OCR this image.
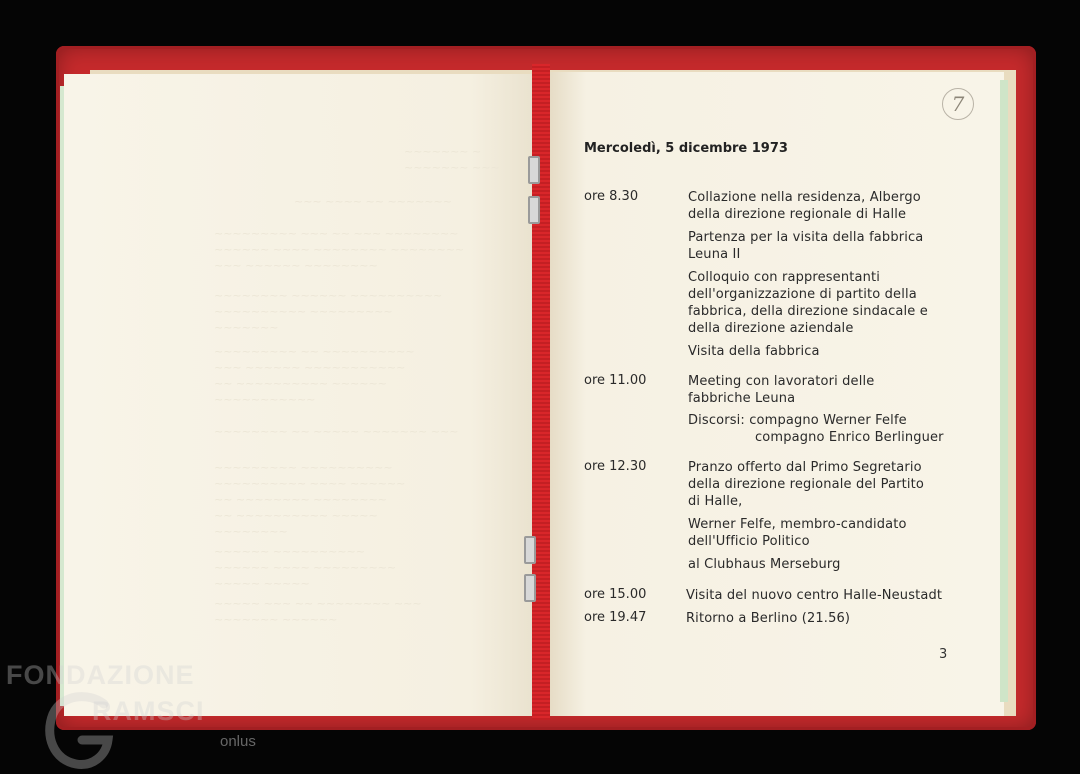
~~~~~~~ ~ ~~~~~~~ ~~~
~~~ ~~~~ ~~ ~~~~~~~
~~~~~~~~~ ~~~ ~~ ~~~ ~~~~~~~~
~~~~~~ ~~~~ ~~~~~~~~ ~~~~~~~~
~~~ ~~~~~~ ~~~~~~~~
~~~~~~~~ ~~~~~~ ~~~~~~~~~~
~~~~~~~~~~ ~~~~~~~~~
~~~~~~~
~~~~~~~~~ ~~ ~~~~~~~~~~
~~~ ~~~~~~ ~~~~~~~~~~~
~~ ~~~~~~~~~~ ~~~~~~
~~~~~~~~~~~
~~~~~~~~ ~~ ~~~~~ ~~~~~~~ ~~~
~~~~~~~~~ ~~~~~~~~~~
~~~~~~~~~~ ~~~~ ~~~~~~
~~ ~~~~~~~~ ~~~~~~~~
~~ ~~~~~~~~~~ ~~~~~
~~~~~~~~
~~~~~~ ~~~~~~~~~~
~~~~~~ ~~~~ ~~~~~~~~~
~~~~~ ~~~~~
~~~~~ ~~~ ~~ ~~~~~~~~ ~~~
~~~~~~~ ~~~~~~
7
Mercoledì, 5 dicembre 1973
ore 8.30	Collazione nella residenza, Albergo
della direzione regionale di Halle
Partenza per la visita della fabbrica
Leuna II
Colloquio con rappresentanti
dell'organizzazione di partito della
fabbrica, della direzione sindacale e
della direzione aziendale
Visita della fabbrica
ore 11.00	Meeting con lavoratori delle
fabbriche Leuna
Discorsi: compagno Werner Felfe
compagno Enrico Berlinguer
ore 12.30	Pranzo offerto dal Primo Segretario
della direzione regionale del Partito
di Halle,
Werner Felfe, membro-candidato
dell'Ufficio Politico
al Clubhaus Merseburg
ore 15.00	Visita del nuovo centro Halle-Neustadt
ore 19.47	Ritorno a Berlino (21.56)
3
FONDAZIONE
RAMSCI
onlus
